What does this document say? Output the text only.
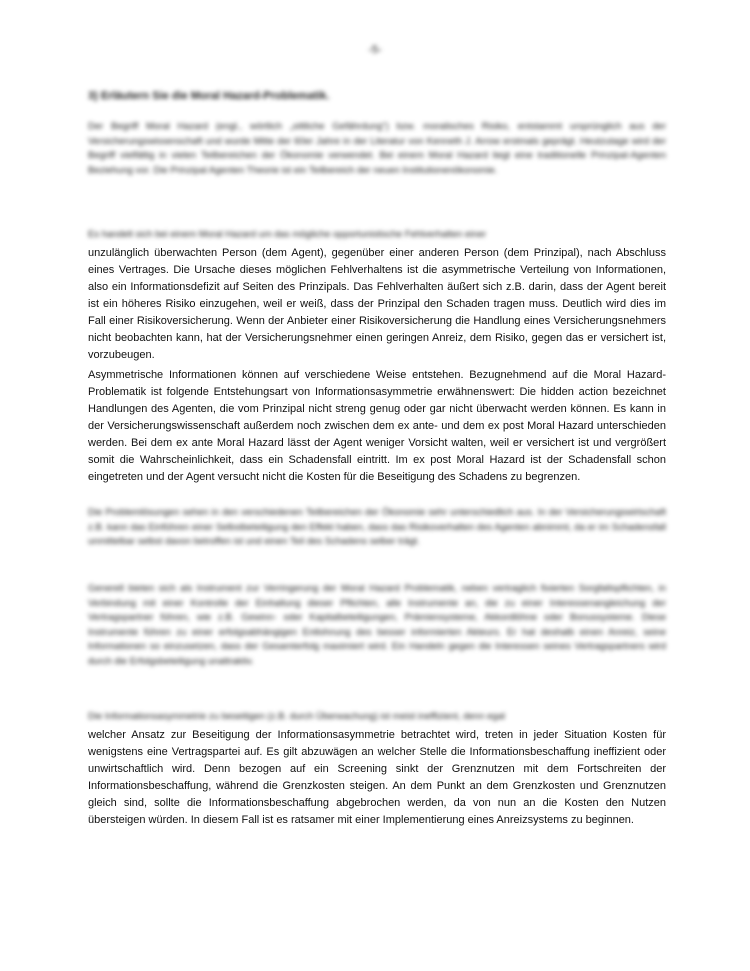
-5-
3) Erläutern Sie die Moral Hazard-Problematik.

Der Begriff Moral Hazard (engl., wörtlich „sittliche Gefährdung“) bzw. moralisches Risiko, entstammt ursprünglich aus der Versicherungswissenschaft und wurde Mitte der 60er Jahre in der Literatur von Kenneth J. Arrow erstmals geprägt. Heutzutage wird der Begriff vielfältig in vielen Teilbereichen der Ökonomie verwendet. Bei einem Moral Hazard liegt eine traditionelle Prinzipal-Agenten Beziehung vor. Die Prinzipal Agenten Theorie ist ein Teilbereich der neuen Institutionenökonomie.

Es handelt sich bei einem Moral Hazard um das mögliche opportunistische Fehlverhalten einer

unzulänglich überwachten Person (dem Agent), gegenüber einer anderen Person (dem Prinzipal), nach Abschluss eines Vertrages. Die Ursache dieses möglichen Fehlverhaltens ist die asymmetrische Verteilung von Informationen, also ein Informationsdefizit auf Seiten des Prinzipals. Das Fehlverhalten äußert sich z.B. darin, dass der Agent bereit ist ein höheres Risiko einzugehen, weil er weiß, dass der Prinzipal den Schaden tragen muss. Deutlich wird dies im Fall einer Risikoversicherung. Wenn der Anbieter einer Risikoversicherung die Handlung eines Versicherungsnehmers nicht beobachten kann, hat der Versicherungsnehmer einen geringen Anreiz, dem Risiko, gegen das er versichert ist, vorzubeugen.

Asymmetrische Informationen können auf verschiedene Weise entstehen. Bezugnehmend auf die Moral Hazard-Problematik ist folgende Entstehungsart von Informationsasymmetrie erwähnenswert: Die hidden action bezeichnet Handlungen des Agenten, die vom Prinzipal nicht streng genug oder gar nicht überwacht werden können. Es kann in der Versicherungswissenschaft außerdem noch zwischen dem ex ante- und dem ex post Moral Hazard unterschieden werden. Bei dem ex ante Moral Hazard lässt der Agent weniger Vorsicht walten, weil er versichert ist und vergrößert somit die Wahrscheinlichkeit, dass ein Schadensfall eintritt. Im ex post Moral Hazard ist der Schadensfall schon eingetreten und der Agent versucht nicht die Kosten für die Beseitigung des Schadens zu begrenzen.

Die Problemlösungen sehen in den verschiedenen Teilbereichen der Ökonomie sehr unterschiedlich aus. In der Versicherungswirtschaft z.B. kann das Einführen einer Selbstbeteiligung den Effekt haben, dass das Risikoverhalten des Agenten abnimmt, da er im Schadensfall unmittelbar selbst davon betroffen ist und einen Teil des Schadens selber trägt.

Generell bieten sich als Instrument zur Verringerung der Moral Hazard Problematik, neben vertraglich fixierten Sorgfaltspflichten, in Verbindung mit einer Kontrolle der Einhaltung dieser Pflichten, alle Instrumente an, die zu einer Interessenangleichung der Vertragspartner führen, wie z.B. Gewinn- oder Kapitalbeteiligungen, Prämiensysteme, Akkordlöhne oder Bonussysteme. Diese Instrumente führen zu einer erfolgsabhängigen Entlohnung des besser informierten Akteurs. Er hat deshalb einen Anreiz, seine Informationen so einzusetzen, dass der Gesamterfolg maximiert wird. Ein Handeln gegen die Interessen seines Vertragspartners wird durch die Erfolgsbeteiligung unattraktiv.

Die Informationsasymmetrie zu beseitigen (z.B. durch Überwachung) ist meist ineffizient, denn egal

welcher Ansatz zur Beseitigung der Informationsasymmetrie betrachtet wird, treten in jeder Situation Kosten für wenigstens eine Vertragspartei auf. Es gilt abzuwägen an welcher Stelle die Informationsbeschaffung ineffizient oder unwirtschaftlich wird. Denn bezogen auf ein Screening sinkt der Grenznutzen mit dem Fortschreiten der Informationsbeschaffung, während die Grenzkosten steigen. An dem Punkt an dem Grenzkosten und Grenznutzen gleich sind, sollte die Informationsbeschaffung abgebrochen werden, da von nun an die Kosten den Nutzen übersteigen würden. In diesem Fall ist es ratsamer mit einer Implementierung eines Anreizsystems zu beginnen.
